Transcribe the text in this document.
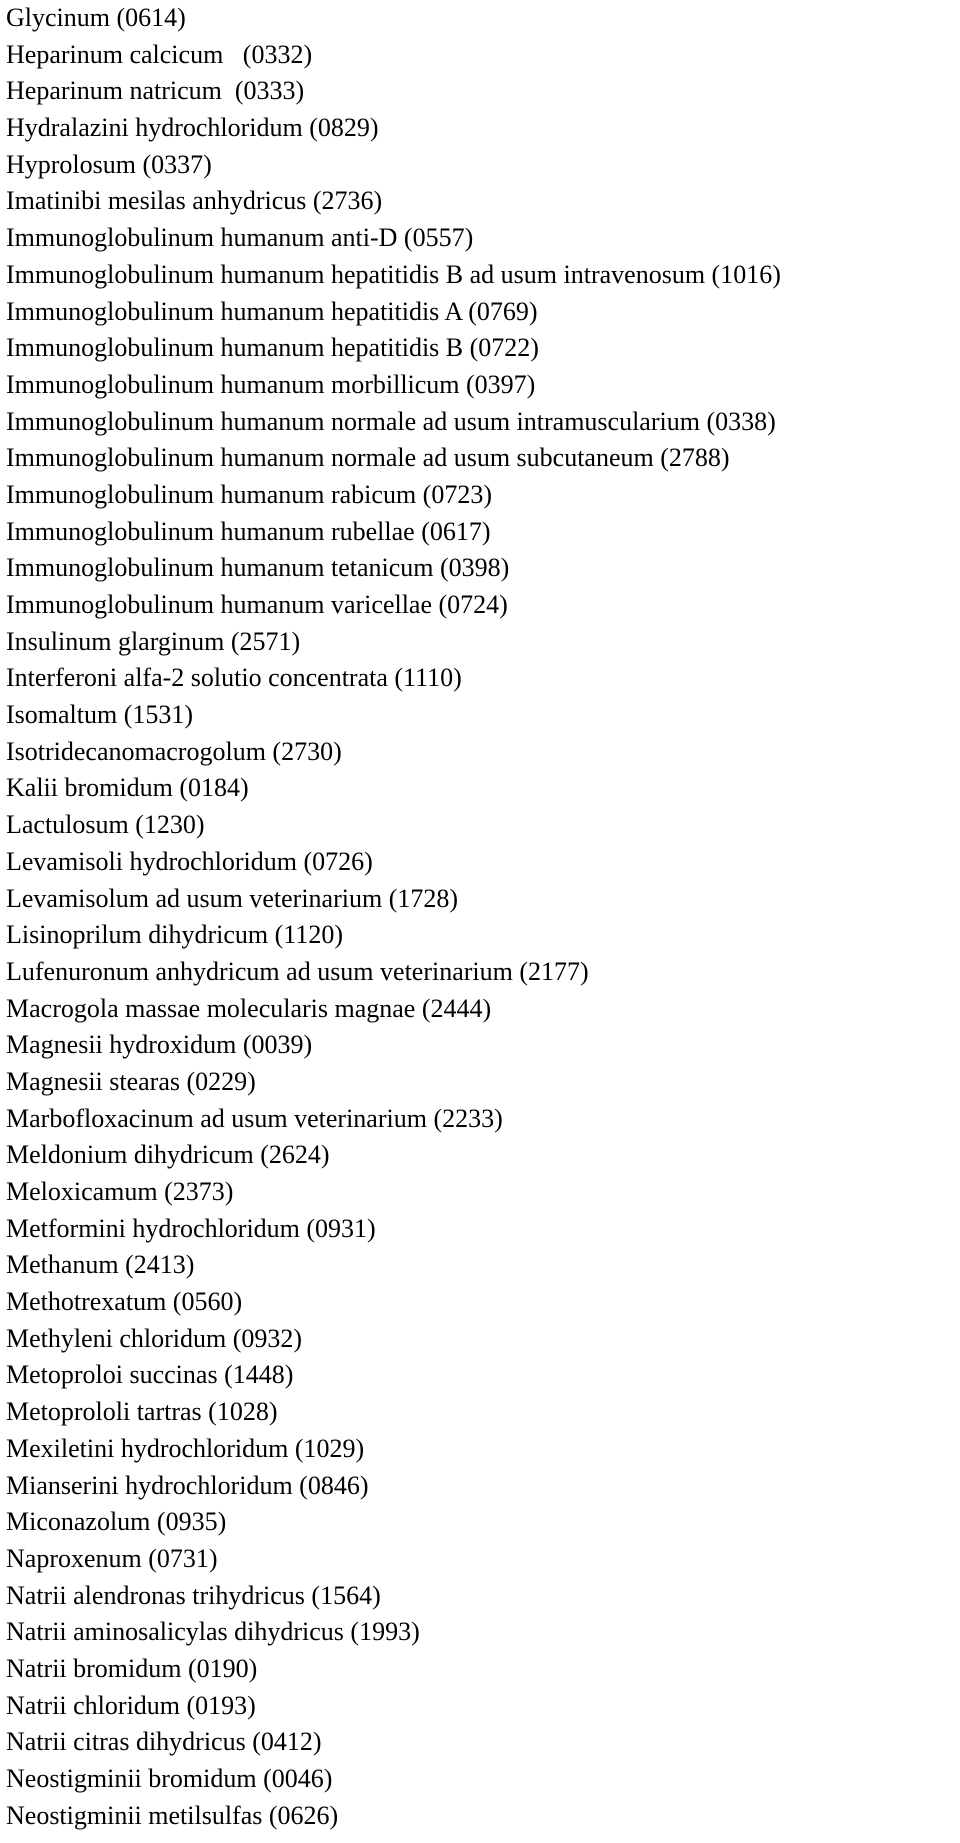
Glycinum (0614)
Heparinum calcicum   (0332)
Heparinum natricum  (0333)
Hydralazini hydrochloridum (0829)
Hyprolosum (0337)
Imatinibi mesilas anhydricus (2736)
Immunoglobulinum humanum anti-D (0557)
Immunoglobulinum humanum hepatitidis B ad usum intravenosum (1016)
Immunoglobulinum humanum hepatitidis A (0769)
Immunoglobulinum humanum hepatitidis B (0722)
Immunoglobulinum humanum morbillicum (0397)
Immunoglobulinum humanum normale ad usum intramuscularium (0338)
Immunoglobulinum humanum normale ad usum subcutaneum (2788)
Immunoglobulinum humanum rabicum (0723)
Immunoglobulinum humanum rubellae (0617)
Immunoglobulinum humanum tetanicum (0398)
Immunoglobulinum humanum varicellae (0724)
Insulinum glarginum (2571)
Interferoni alfa-2 solutio concentrata (1110)
Isomaltum (1531)
Isotridecanomacrogolum (2730)
Kalii bromidum (0184)
Lactulosum (1230)
Levamisoli hydrochloridum (0726)
Levamisolum ad usum veterinarium (1728)
Lisinoprilum dihydricum (1120)
Lufenuronum anhydricum ad usum veterinarium (2177)
Macrogola massae molecularis magnae (2444)
Magnesii hydroxidum (0039)
Magnesii stearas (0229)
Marbofloxacinum ad usum veterinarium (2233)
Meldonium dihydricum (2624)
Meloxicamum (2373)
Metformini hydrochloridum (0931)
Methanum (2413)
Methotrexatum (0560)
Methyleni chloridum (0932)
Metoproloi succinas (1448)
Metoprololi tartras (1028)
Mexiletini hydrochloridum (1029)
Mianserini hydrochloridum (0846)
Miconazolum (0935)
Naproxenum (0731)
Natrii alendronas trihydricus (1564)
Natrii aminosalicylas dihydricus (1993)
Natrii bromidum (0190)
Natrii chloridum (0193)
Natrii citras dihydricus (0412)
Neostigminii bromidum (0046)
Neostigminii metilsulfas (0626)
